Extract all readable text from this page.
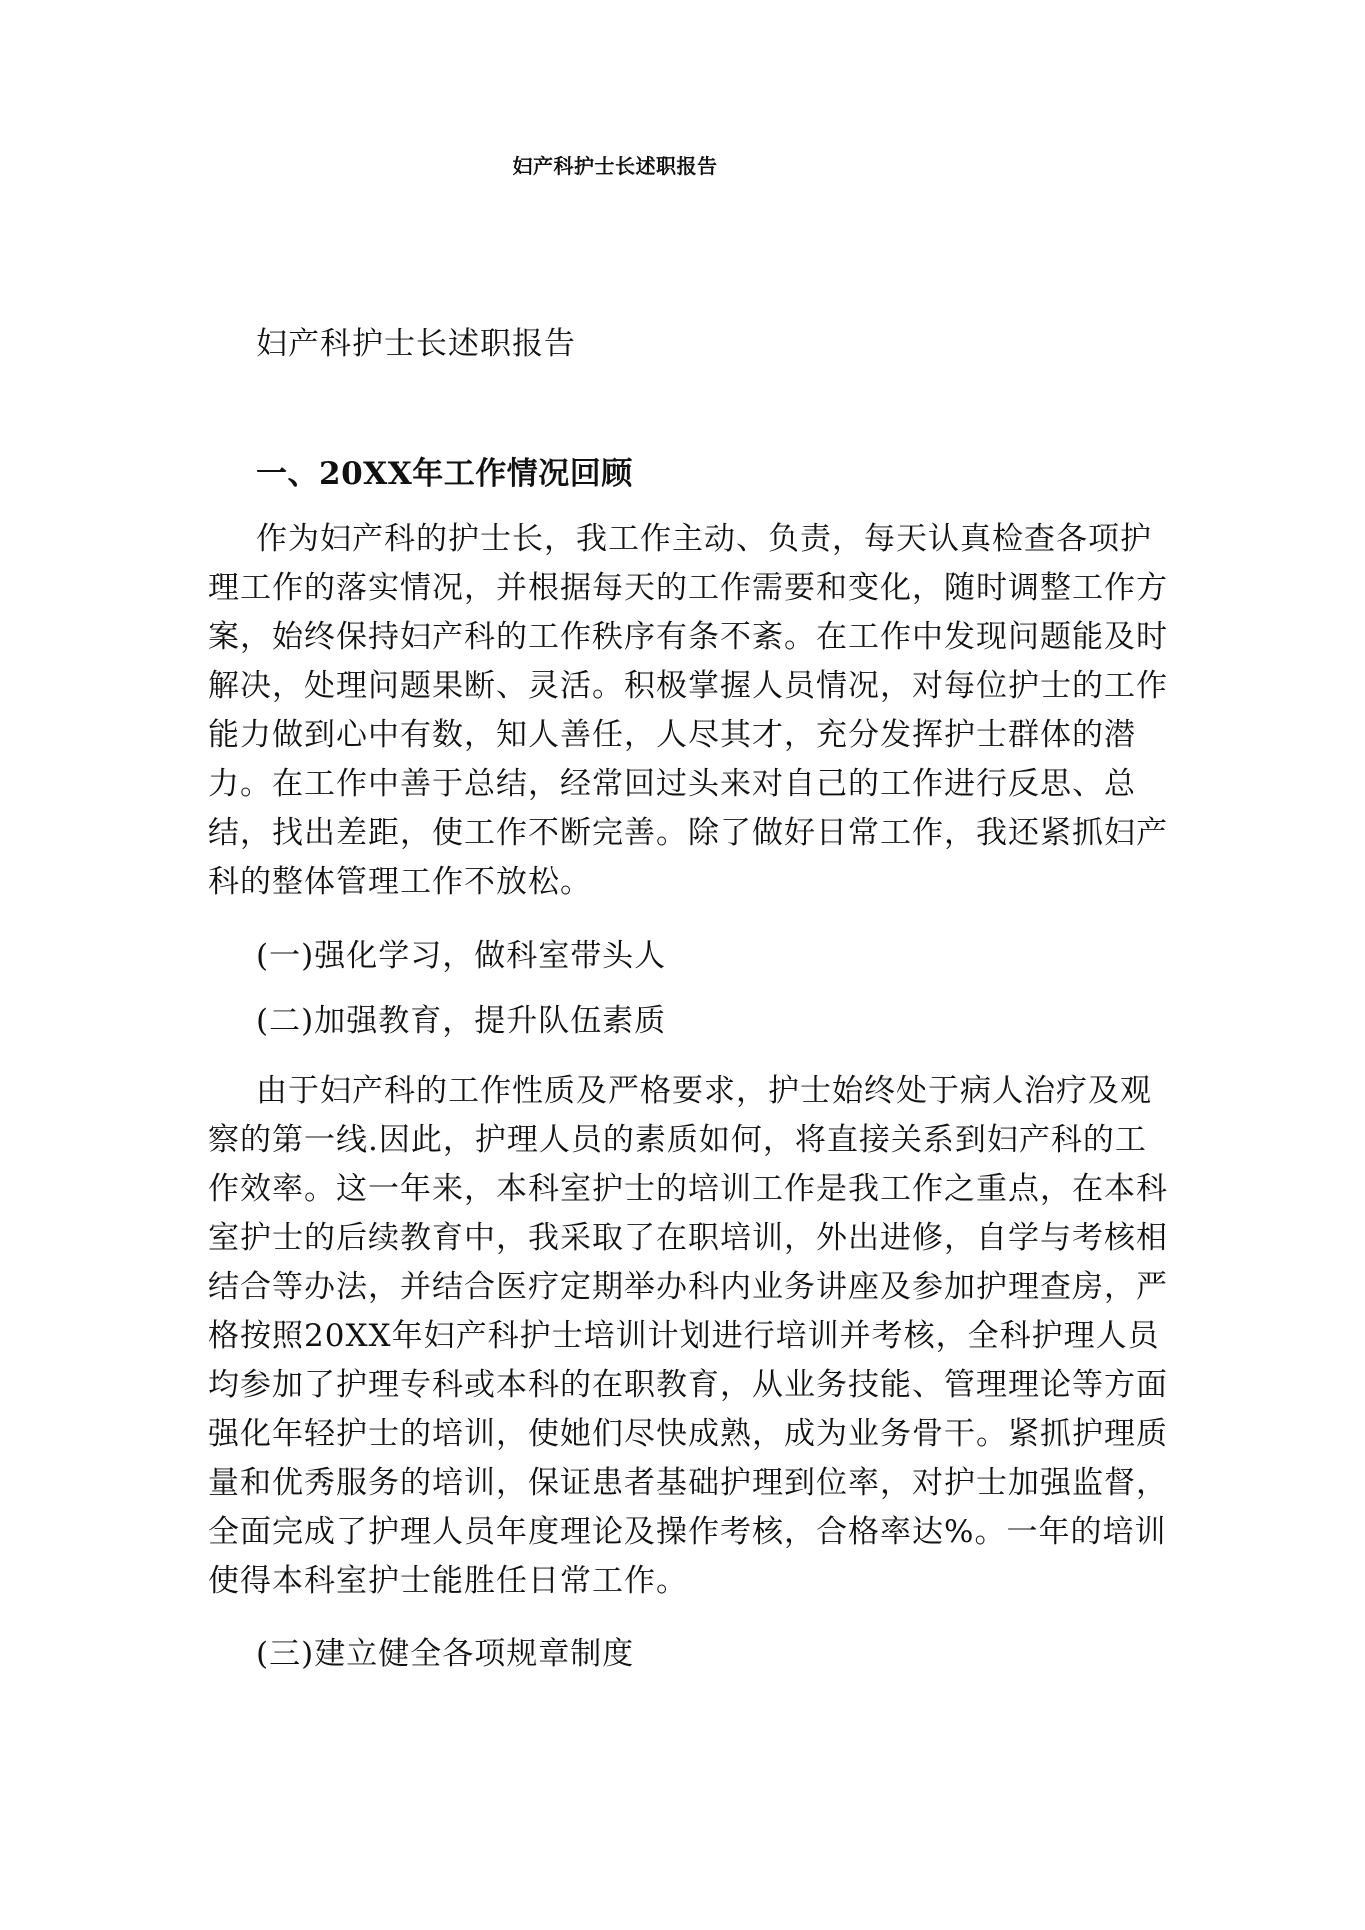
妇产科护士长述职报告
妇产科护士长述职报告
一、20XX年工作情况回顾
作为妇产科的护士长，我工作主动、负责，每天认真检查各项护理工作的落实情况，并根据每天的工作需要和变化，随时调整工作方案，始终保持妇产科的工作秩序有条不紊。在工作中发现问题能及时解决，处理问题果断、灵活。积极掌握人员情况，对每位护士的工作能力做到心中有数，知人善任，人尽其才，充分发挥护士群体的潜力。在工作中善于总结，经常回过头来对自己的工作进行反思、总结，找出差距，使工作不断完善。除了做好日常工作，我还紧抓妇产科的整体管理工作不放松。
(一)强化学习，做科室带头人
(二)加强教育，提升队伍素质
由于妇产科的工作性质及严格要求，护士始终处于病人治疗及观察的第一线.因此，护理人员的素质如何，将直接关系到妇产科的工作效率。这一年来，本科室护士的培训工作是我工作之重点，在本科室护士的后续教育中，我采取了在职培训，外出进修，自学与考核相结合等办法，并结合医疗定期举办科内业务讲座及参加护理查房，严格按照20XX年妇产科护士培训计划进行培训并考核，全科护理人员均参加了护理专科或本科的在职教育，从业务技能、管理理论等方面强化年轻护士的培训，使她们尽快成熟，成为业务骨干。紧抓护理质量和优秀服务的培训，保证患者基础护理到位率，对护士加强监督，全面完成了护理人员年度理论及操作考核，合格率达%。一年的培训使得本科室护士能胜任日常工作。
(三)建立健全各项规章制度
